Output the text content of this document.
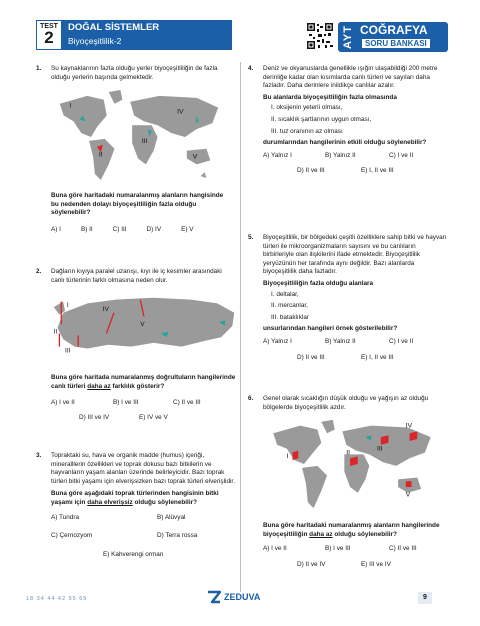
TEST
2
DOĞAL SİSTEMLER
Biyoçeşitlilik-2	AYT COĞRAFYA
SORU BANKASI
1. Su kaynaklarının fazla olduğu yerler biyoçeşitliliğin de fazla olduğu yerlerin başında gelmektedir.
I
II
III
IV
V
Buna göre haritadaki numaralanmış alanların hangisinde bu nedenden dolayı biyoçeşitliliğin fazla olduğu söylenebilir?
A) I	B) II	C) III	D) IV	E) V
2. Dağların kıyıya paralel uzanışı, kıyı ile iç kesimler arasındaki canlı türlerinin farklı olmasına neden olur.
I
II
III
IV
V
Buna göre haritada numaralanmış doğrultuların hangilerinde canlı türleri daha az farklılık gösterir?
A) I ve II	B) I ve III	C) II ve III
D) III ve IV	E) IV ve V
3. Topraktaki su, hava ve organik madde (humus) içeriği, mineralllerin özellikleri ve toprak dokusu bazı bitkilerin ve hayvanların yaşam alanları üzerinde belirleyicidir. Bazı toprak türleri bitki yaşamı için elverişsizken bazı toprak türleri elverişlidir.
Buna göre aşağıdaki toprak türlerinden hangisinin bitki yaşamı için daha elverişsiz olduğu söylenebilir?
A) Tundra	B) Alüvyal
C) Çernozyom	D) Terra rossa
E) Kahverengi orman
4. Deniz ve okyanuslarda genellikle ışığın ulaşabildiği 200 metre derinliğe kadar olan kısımlarda canlı türleri ve sayıları daha fazladır. Daha derinlere inildikçe canlılar azalır.
Bu alanlarda biyoçeşitliliğin fazla olmasında
I. oksijenin yeterli olması,
II. sıcaklık şartlarının uygun olması,
III. tuz oranının az olması
durumlarından hangilerinin etkili olduğu söylenebilir?
A) Yalnız I	B) Yalnız II	C) I ve II
D) II ve III	E) I, II ve III
5. Biyoçeşitlilik, bir bölgedeki çeşitli özelliklere sahip bitki ve hayvan türleri ile mikroorganizmaların sayısını ve bu canlıların birbirleriyle olan ilişkilerini ifade etmektedir. Biyoçeşitlilik yeryüzünün her tarafında aynı değildir. Bazı alanlarda biyoçeşitlilik daha fazladır.
Biyoçeşitliliğin fazla olduğu alanlara
I. deltalar,
II. mercanlar,
III. bataklıklar
unsurlarından hangileri örnek gösterilebilir?
A) Yalnız I	B) Yalnız II	C) I ve II
D) II ve III	E) I, II ve III
6. Genel olarak sıcaklığın düşük olduğu ve yağışın az olduğu bölgelerde biyoçeşitlilik azdır.
I
II
III
IV
V
Buna göre haritadaki numaralanmış alanların hangilerinde biyoçeşitliliğin daha az olduğu söylenebilir?
A) I ve II	B) I ve III	C) II ve III
D) II ve IV	E) III ve IV
18 34 44 42 55 65	ZEDUVA	9
